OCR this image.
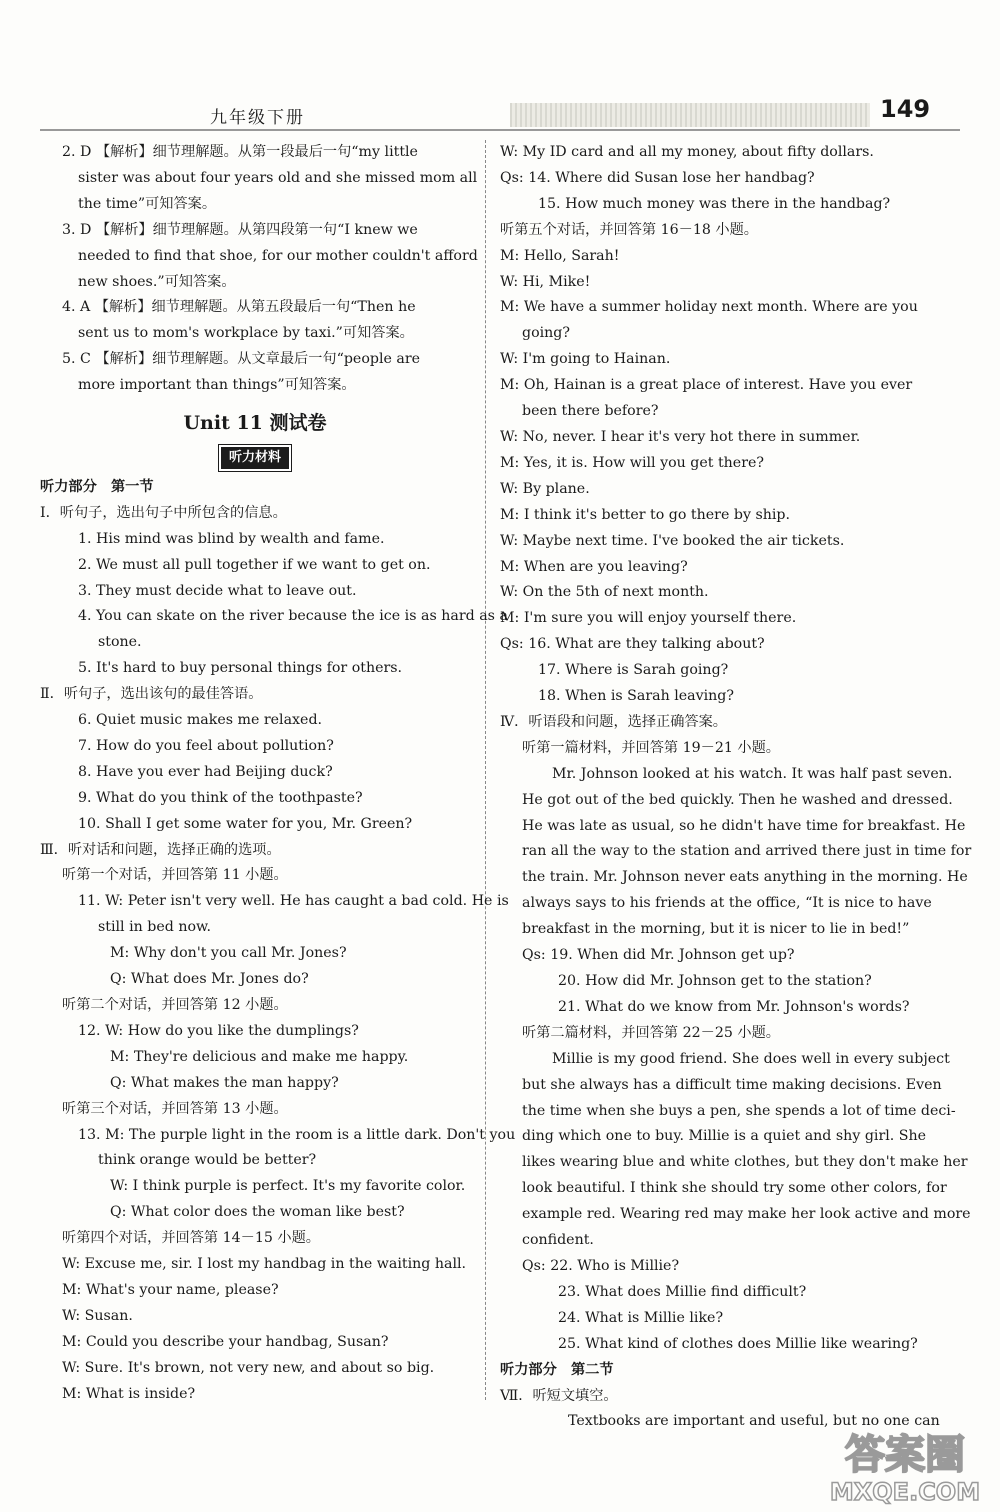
九年级下册	149
2. D 【解析】细节理解题。从第一段最后一句“my little
sister was about four years old and she missed mom all
the time”可知答案。
3. D 【解析】细节理解题。从第四段第一句“I knew we
needed to find that shoe, for our mother couldn't afford
new shoes.”可知答案。
4. A 【解析】细节理解题。从第五段最后一句“Then he
sent us to mom's workplace by taxi.”可知答案。
5. C 【解析】细节理解题。从文章最后一句“people are
more important than things”可知答案。
Unit 11 测试卷
听力材料
听力部分　第一节
Ⅰ．听句子，选出句子中所包含的信息。
1. His mind was blind by wealth and fame.
2. We must all pull together if we want to get on.
3. They must decide what to leave out.
4. You can skate on the river because the ice is as hard as a
stone.
5. It's hard to buy personal things for others.
Ⅱ．听句子，选出该句的最佳答语。
6. Quiet music makes me relaxed.
7. How do you feel about pollution?
8. Have you ever had Beijing duck?
9. What do you think of the toothpaste?
10. Shall I get some water for you, Mr. Green?
Ⅲ．听对话和问题，选择正确的选项。
听第一个对话，并回答第 11 小题。
11. W: Peter isn't very well. He has caught a bad cold. He is
still in bed now.
M: Why don't you call Mr. Jones?
Q: What does Mr. Jones do?
听第二个对话，并回答第 12 小题。
12. W: How do you like the dumplings?
M: They're delicious and make me happy.
Q: What makes the man happy?
听第三个对话，并回答第 13 小题。
13. M: The purple light in the room is a little dark. Don't you
think orange would be better?
W: I think purple is perfect. It's my favorite color.
Q: What color does the woman like best?
听第四个对话，并回答第 14－15 小题。
W: Excuse me, sir. I lost my handbag in the waiting hall.
M: What's your name, please?
W: Susan.
M: Could you describe your handbag, Susan?
W: Sure. It's brown, not very new, and about so big.
M: What is inside?
W: My ID card and all my money, about fifty dollars.
Qs: 14. Where did Susan lose her handbag?
15. How much money was there in the handbag?
听第五个对话，并回答第 16－18 小题。
M: Hello, Sarah!
W: Hi, Mike!
M: We have a summer holiday next month. Where are you
going?
W: I'm going to Hainan.
M: Oh, Hainan is a great place of interest. Have you ever
been there before?
W: No, never. I hear it's very hot there in summer.
M: Yes, it is. How will you get there?
W: By plane.
M: I think it's better to go there by ship.
W: Maybe next time. I've booked the air tickets.
M: When are you leaving?
W: On the 5th of next month.
M: I'm sure you will enjoy yourself there.
Qs: 16. What are they talking about?
17. Where is Sarah going?
18. When is Sarah leaving?
Ⅳ．听语段和问题，选择正确答案。
听第一篇材料，并回答第 19－21 小题。
Mr. Johnson looked at his watch. It was half past seven.
He got out of the bed quickly. Then he washed and dressed.
He was late as usual, so he didn't have time for breakfast. He
ran all the way to the station and arrived there just in time for
the train. Mr. Johnson never eats anything in the morning. He
always says to his friends at the office, “It is nice to have
breakfast in the morning, but it is nicer to lie in bed!”
Qs: 19. When did Mr. Johnson get up?
20. How did Mr. Johnson get to the station?
21. What do we know from Mr. Johnson's words?
听第二篇材料，并回答第 22－25 小题。
Millie is my good friend. She does well in every subject
but she always has a difficult time making decisions. Even
the time when she buys a pen, she spends a lot of time deci-
ding which one to buy. Millie is a quiet and shy girl. She
likes wearing blue and white clothes, but they don't make her
look beautiful. I think she should try some other colors, for
example red. Wearing red may make her look active and more
confident.
Qs: 22. Who is Millie?
23. What does Millie find difficult?
24. What is Millie like?
25. What kind of clothes does Millie like wearing?
听力部分　第二节
Ⅶ．听短文填空。
Textbooks are important and useful, but no one can
答案圈
MXQE.COM
